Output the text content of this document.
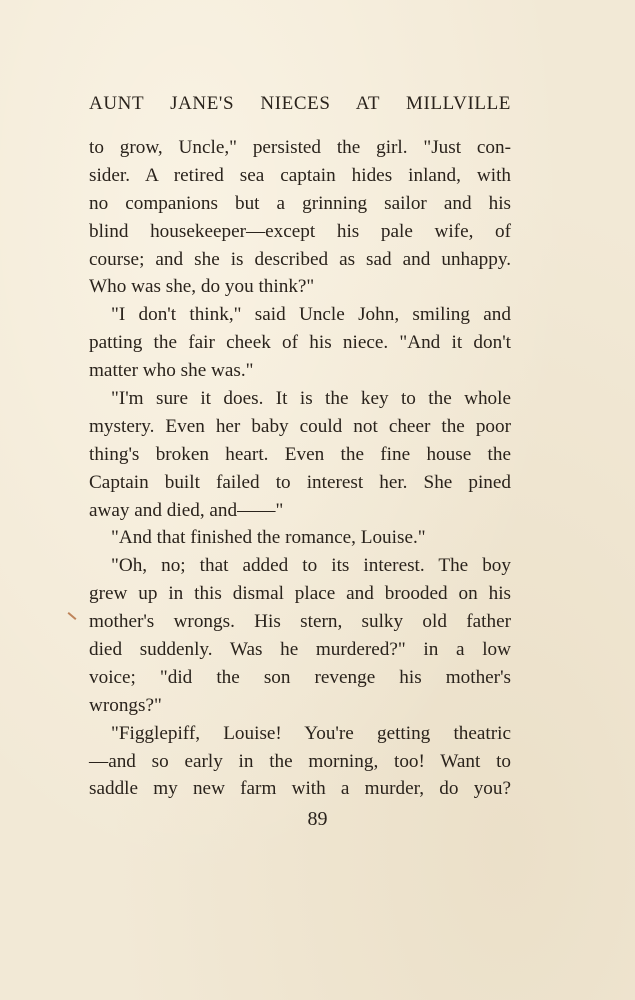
AUNT JANE'S NIECES AT MILLVILLE
to grow, Uncle," persisted the girl. "Just con-
sider. A retired sea captain hides inland, with
no companions but a grinning sailor and his
blind housekeeper—except his pale wife, of
course; and she is described as sad and unhappy.
Who was she, do you think?"
"I don't think," said Uncle John, smiling and
patting the fair cheek of his niece. "And it don't
matter who she was."
"I'm sure it does. It is the key to the whole
mystery. Even her baby could not cheer the poor
thing's broken heart. Even the fine house the
Captain built failed to interest her. She pined
away and died, and——"
"And that finished the romance, Louise."
"Oh, no; that added to its interest. The boy
grew up in this dismal place and brooded on his
mother's wrongs. His stern, sulky old father
died suddenly. Was he murdered?" in a low
voice; "did the son revenge his mother's
wrongs?"
"Figglepiff, Louise! You're getting theatric
—and so early in the morning, too! Want to
saddle my new farm with a murder, do you?
89
